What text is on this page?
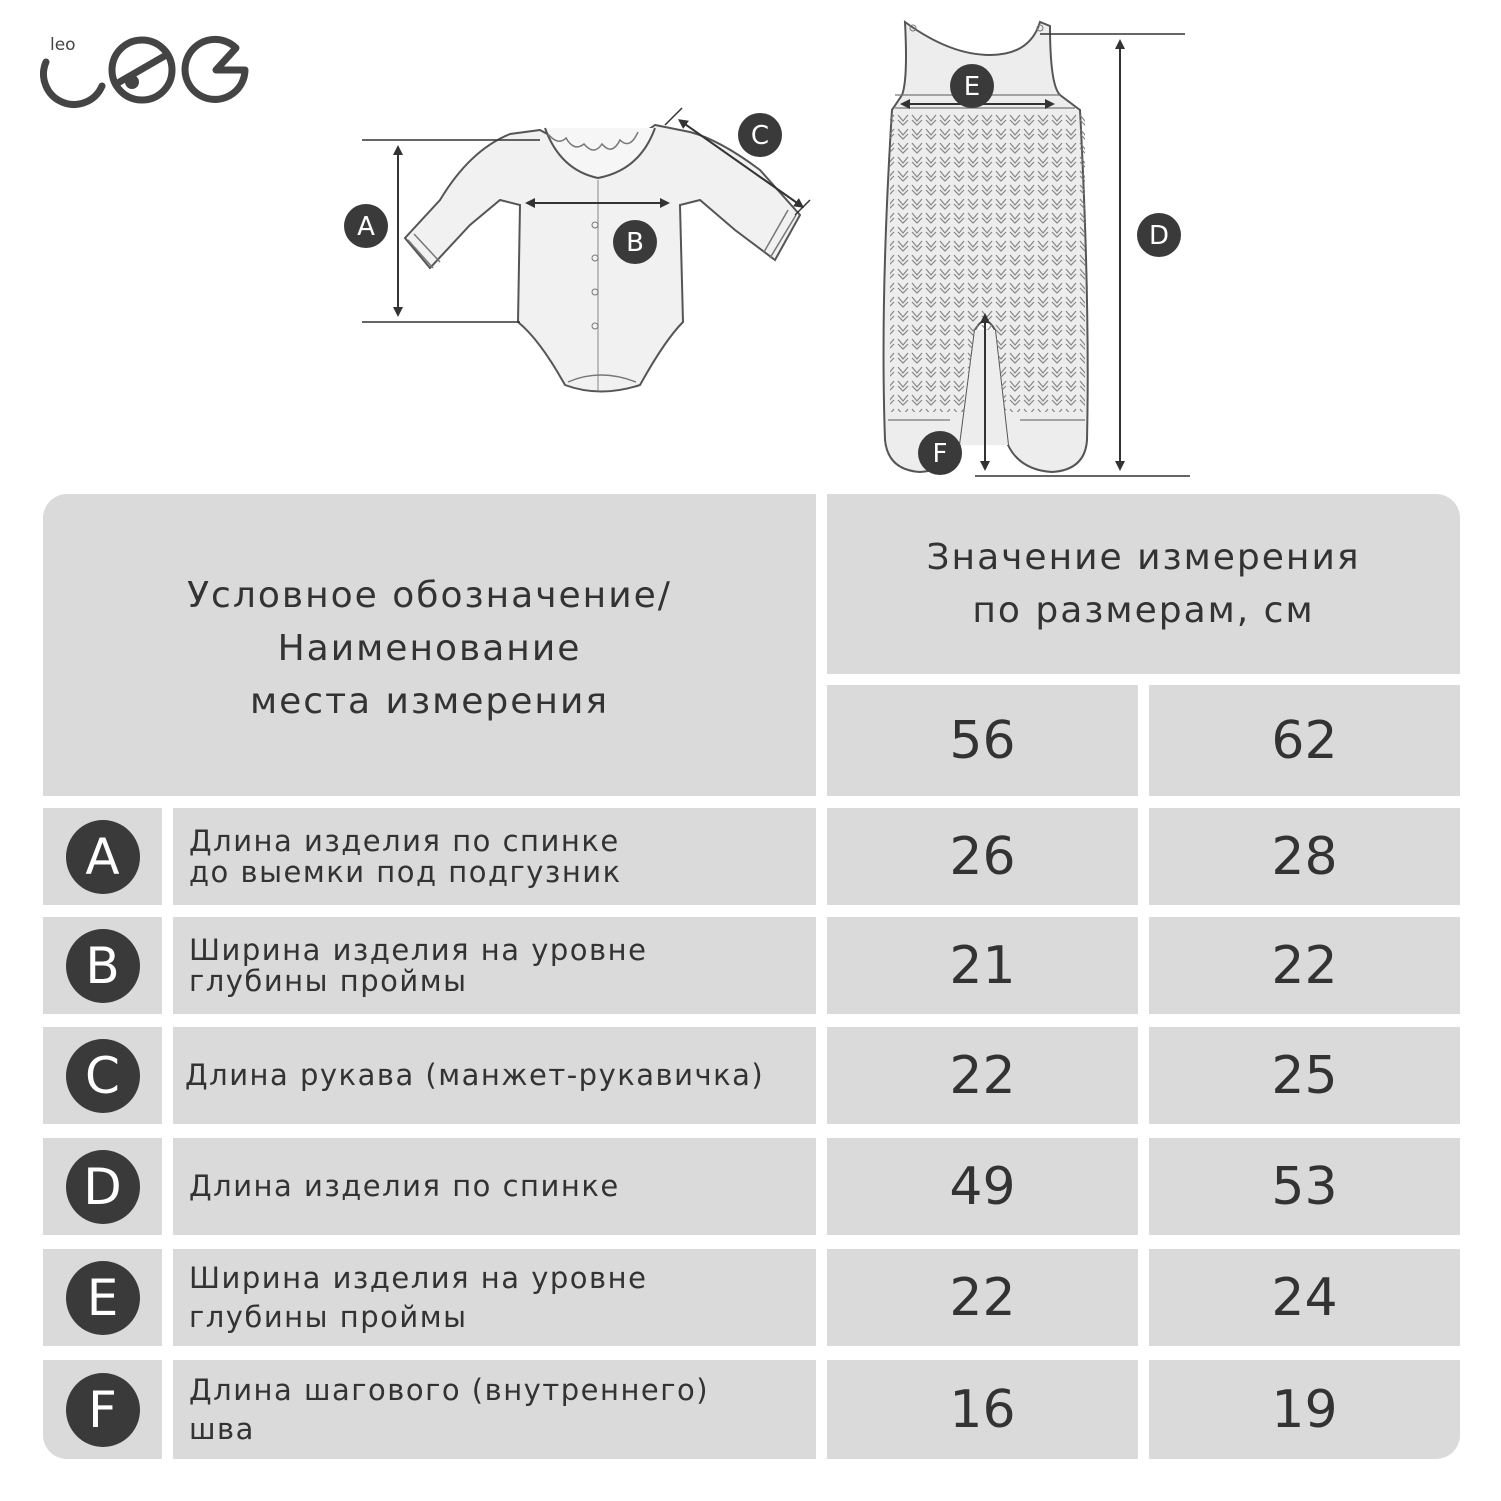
leo
A
B
C
D
E
F
Условное обозначение/
Наименование
места измерения
Значение измерения
по размерам, см
56	62
A	Длина изделия по спинке
до выемки под подгузник	26	28
B	Ширина изделия на уровне
глубины проймы	21	22
C	Длина рукава (манжет-рукавичка)	22	25
D	Длина изделия по спинке	49	53
E	Ширина изделия на уровне
глубины проймы	22	24
F	Длина шагового (внутреннего)
шва	16	19
